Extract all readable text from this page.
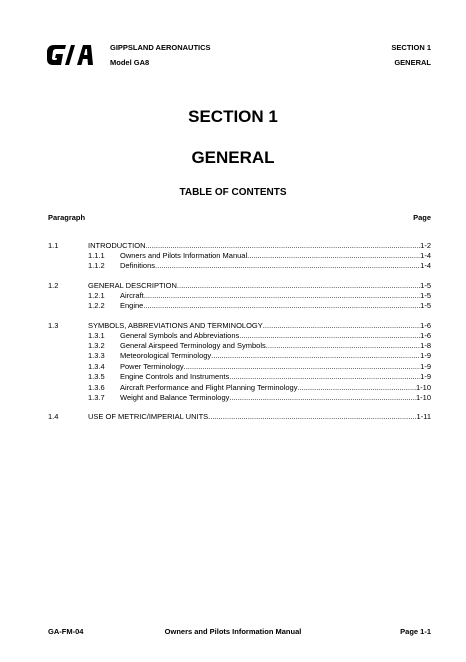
GIPPSLAND AERONAUTICS
Model GA8
SECTION 1
GENERAL
SECTION 1
GENERAL
TABLE OF CONTENTS
Paragraph	Page
1.1	INTRODUCTION .....	1-2
1.1.1	Owners and Pilots Information Manual .....	1-4
1.1.2	Definitions .....	1-4
1.2	GENERAL DESCRIPTION .....	1-5
1.2.1	Aircraft .....	1-5
1.2.2	Engine .....	1-5
1.3	SYMBOLS, ABBREVIATIONS AND TERMINOLOGY .....	1-6
1.3.1	General Symbols and Abbreviations .....	1-6
1.3.2	General Airspeed Terminology and Symbols .....	1-8
1.3.3	Meteorological Terminology .....	1-9
1.3.4	Power Terminology .....	1-9
1.3.5	Engine Controls and Instruments .....	1-9
1.3.6	Aircraft Performance and Flight Planning Terminology .....	1-10
1.3.7	Weight and Balance Terminology .....	1-10
1.4	USE OF METRIC/IMPERIAL UNITS .....	1-11
GA-FM-04	Owners and Pilots Information Manual	Page 1-1
